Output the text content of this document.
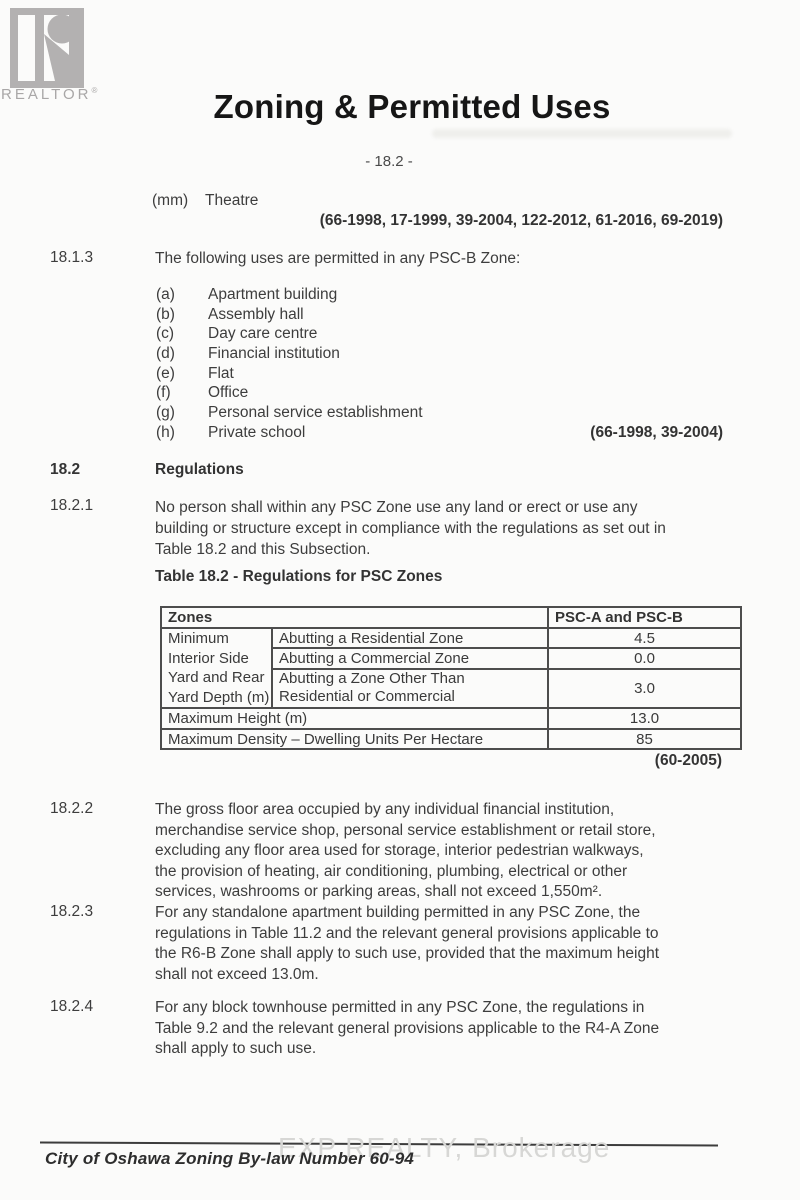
REALTOR®	Zoning & Permitted Uses
- 18.2 -
(mm) Theatre
(66-1998, 17-1999, 39-2004, 122-2012, 61-2016, 69-2019)
18.1.3	The following uses are permitted in any PSC-B Zone:
(a) Apartment building
(b) Assembly hall
(c) Day care centre
(d) Financial institution
(e) Flat
(f) Office
(g) Personal service establishment
(h) Private school	(66-1998, 39-2004)
18.2	Regulations
18.2.1	No person shall within any PSC Zone use any land or erect or use any
building or structure except in compliance with the regulations as set out in
Table 18.2 and this Subsection.
Table 18.2 - Regulations for PSC Zones
Zones		PSC-A and PSC-B

Minimum
Interior Side
Yard and Rear
Yard Depth (m)	Abutting a Residential Zone	4.5
	Abutting a Commercial Zone	0.0

	Abutting a Zone Other Than
Residential or Commercial	3.0
Maximum Height (m)		13.0
Maximum Density – Dwelling Units Per Hectare		85
(60-2005)
18.2.2	The gross floor area occupied by any individual financial institution,
merchandise service shop, personal service establishment or retail store,
excluding any floor area used for storage, interior pedestrian walkways,
the provision of heating, air conditioning, plumbing, electrical or other
services, washrooms or parking areas, shall not exceed 1,550m².
18.2.3	For any standalone apartment building permitted in any PSC Zone, the
regulations in Table 11.2 and the relevant general provisions applicable to
the R6-B Zone shall apply to such use, provided that the maximum height
shall not exceed 13.0m.
18.2.4	For any block townhouse permitted in any PSC Zone, the regulations in
Table 9.2 and the relevant general provisions applicable to the R4-A Zone
shall apply to such use.
EXP REALTY, Brokerage
City of Oshawa Zoning By-law Number 60-94
